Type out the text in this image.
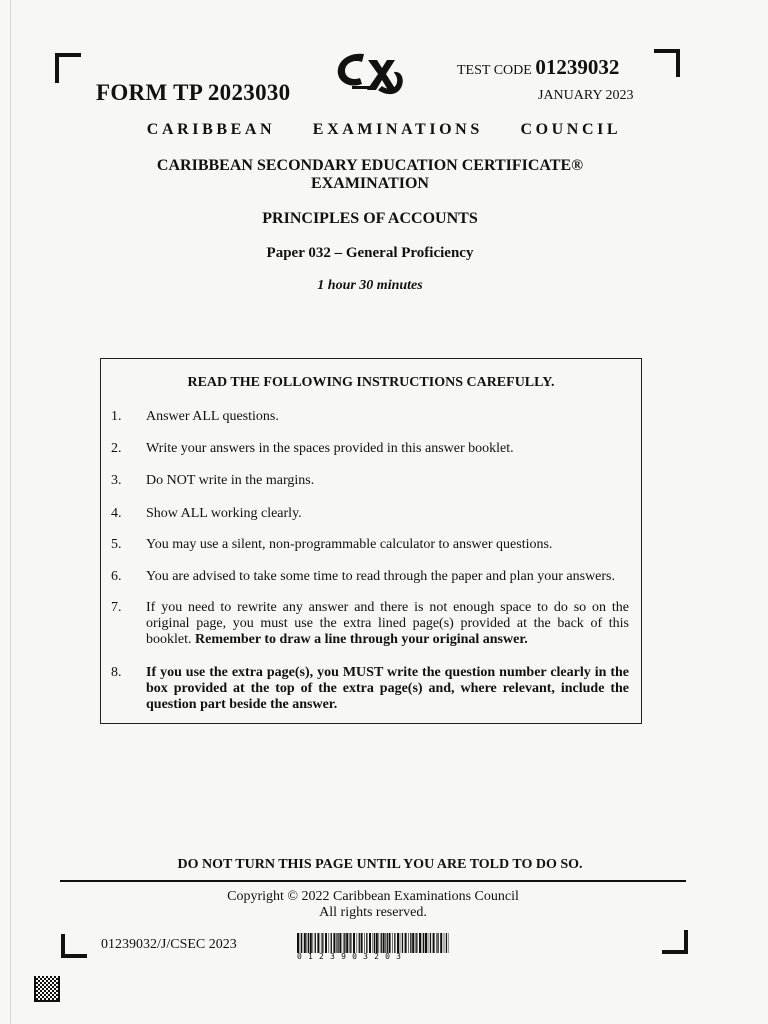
FORM TP 2023030
TEST CODE 01239032
JANUARY 2023
CARIBBEAN EXAMINATIONS COUNCIL
CARIBBEAN SECONDARY EDUCATION CERTIFICATE®
EXAMINATION
PRINCIPLES OF ACCOUNTS
Paper 032 – General Proficiency
1 hour 30 minutes
READ THE FOLLOWING INSTRUCTIONS CAREFULLY.
1. Answer ALL questions.
2. Write your answers in the spaces provided in this answer booklet.
3. Do NOT write in the margins.
4. Show ALL working clearly.
5. You may use a silent, non-programmable calculator to answer questions.
6. You are advised to take some time to read through the paper and plan your answers.
7. If you need to rewrite any answer and there is not enough space to do so on the original page, you must use the extra lined page(s) provided at the back of this booklet. Remember to draw a line through your original answer.
8. If you use the extra page(s), you MUST write the question number clearly in the box provided at the top of the extra page(s) and, where relevant, include the question part beside the answer.
DO NOT TURN THIS PAGE UNTIL YOU ARE TOLD TO DO SO.
Copyright © 2022 Caribbean Examinations Council
All rights reserved.
01239032/J/CSEC 2023
0123903203
